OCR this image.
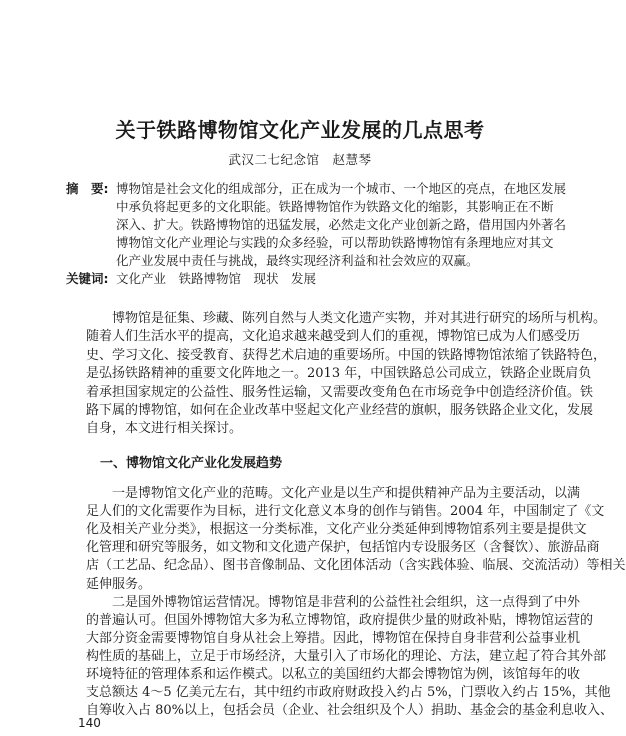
关于铁路博物馆文化产业发展的几点思考
武汉二七纪念馆　赵慧琴
摘　要: 博物馆是社会文化的组成部分，正在成为一个城市、一个地区的亮点，在地区发展
中承负将起更多的文化职能。铁路博物馆作为铁路文化的缩影，其影响正在不断
深入、扩大。铁路博物馆的迅猛发展，必然走文化产业创新之路，借用国内外著名
博物馆文化产业理论与实践的众多经验，可以帮助铁路博物馆有条理地应对其文
化产业发展中责任与挑战，最终实现经济利益和社会效应的双赢。
关键词: 文化产业　铁路博物馆　现状　发展
　　博物馆是征集、珍藏、陈列自然与人类文化遗产实物，并对其进行研究的场所与机构。
随着人们生活水平的提高，文化追求越来越受到人们的重视，博物馆已成为人们感受历
史、学习文化、接受教育、获得艺术启迪的重要场所。中国的铁路博物馆浓缩了铁路特色，
是弘扬铁路精神的重要文化阵地之一。2013 年，中国铁路总公司成立，铁路企业既肩负
着承担国家规定的公益性、服务性运输，又需要改变角色在市场竞争中创造经济价值。铁
路下属的博物馆，如何在企业改革中竖起文化产业经营的旗帜，服务铁路企业文化，发展
自身，本文进行相关探讨。
一、博物馆文化产业化发展趋势
　　一是博物馆文化产业的范畴。文化产业是以生产和提供精神产品为主要活动，以满
足人们的文化需要作为目标，进行文化意义本身的创作与销售。2004 年，中国制定了《文
化及相关产业分类》，根据这一分类标准，文化产业分类延伸到博物馆系列主要是提供文
化管理和研究等服务，如文物和文化遗产保护，包括馆内专设服务区（含餐饮）、旅游品商
店（工艺品、纪念品）、图书音像制品、文化团体活动（含实践体验、临展、交流活动）等相关
延伸服务。
　　二是国外博物馆运营情况。博物馆是非营利的公益性社会组织，这一点得到了中外
的普遍认可。但国外博物馆大多为私立博物馆，政府提供少量的财政补贴，博物馆运营的
大部分资金需要博物馆自身从社会上筹措。因此，博物馆在保持自身非营利公益事业机
构性质的基础上，立足于市场经济，大量引入了市场化的理论、方法，建立起了符合其外部
环境特征的管理体系和运作模式。以私立的美国纽约大都会博物馆为例，该馆每年的收
支总额达 4～5 亿美元左右，其中纽约市政府财政投入约占 5%，门票收入约占 15%，其他
自筹收入占 80%以上，包括会员（企业、社会组织及个人）捐助、基金会的基金利息收入、
140
